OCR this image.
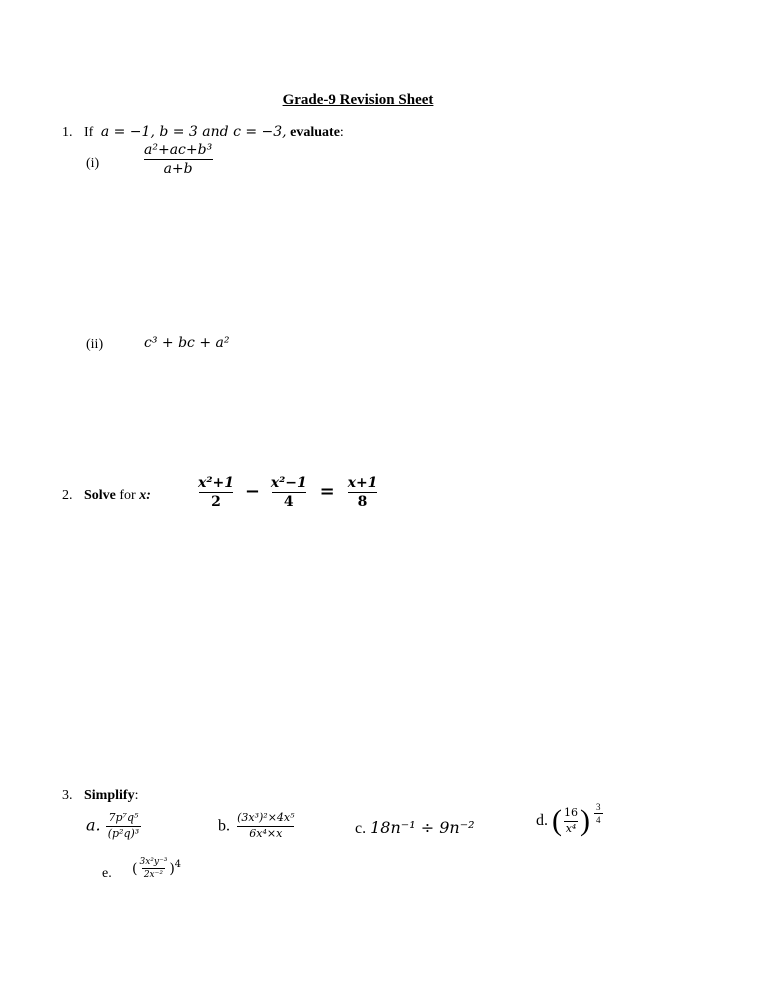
Grade-9 Revision Sheet
1. If a = −1, b = 3 and c = −3, evaluate:
(i)	$\frac{\text{a²+ac+b³}}{a+b}$
(ii)	c³ + bc + a²
2. Solve for x:	$\frac{\text{x²+1}}{2} - \frac{\text{x²−1}}{4} = \frac{x+1}{8}$
3. Simplify:
a. $\frac{\text{7p⁷q⁵}}{\text{(p²q)³}}$	b. $\frac{\text{(3x³)²×4x⁵}}{\text{6x⁴×x}}$	c. 18n⁻¹ ÷ 9n⁻²	d. ( $\frac{16}{\text{x⁴}}$ ) $\frac{3}{4}$
e. ( $\frac{\text{3x²y⁻³}}{\text{2x⁻²}} )^4$
